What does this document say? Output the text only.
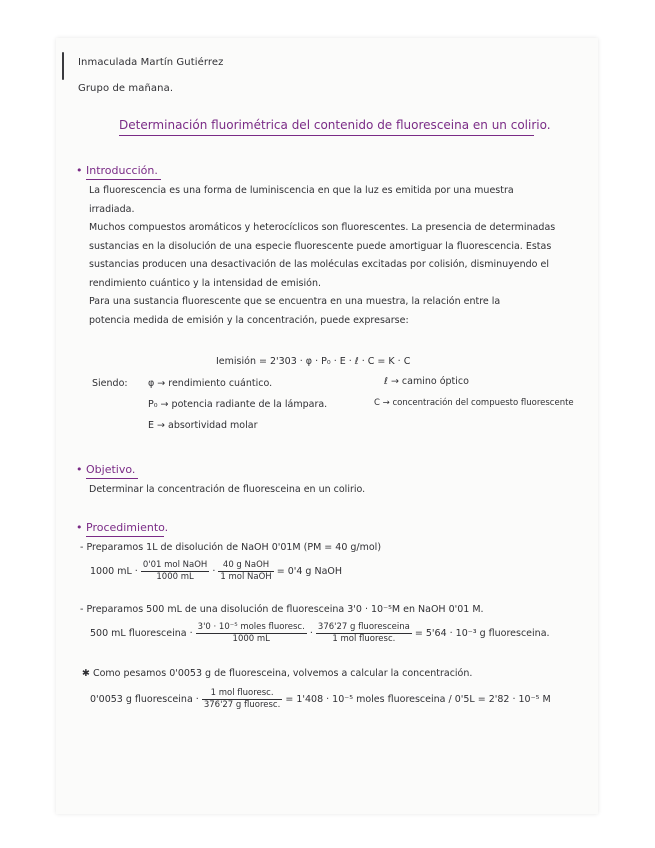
Inmaculada Martín Gutiérrez
Grupo de mañana.
Determinación fluorimétrica del contenido de fluoresceina en un colirio.
• Introducción.
La fluorescencia es una forma de luminiscencia en que la luz es emitida por una muestra
irradiada.
Muchos compuestos aromáticos y heterocíclicos son fluorescentes. La presencia de determinadas
sustancias en la disolución de una especie fluorescente puede amortiguar la fluorescencia. Estas
sustancias producen una desactivación de las moléculas excitadas por colisión, disminuyendo el
rendimiento cuántico y la intensidad de emisión.
Para una sustancia fluorescente que se encuentra en una muestra, la relación entre la
potencia medida de emisión y la concentración, puede expresarse:
Iemisión = 2'303 · φ · P₀ · E · ℓ · C = K · C
Siendo: φ → rendimiento cuántico.	ℓ → camino óptico
P₀ → potencia radiante de la lámpara.	C → concentración del compuesto fluorescente
E → absortividad molar
• Objetivo.
Determinar la concentración de fluoresceina en un colirio.
• Procedimiento.
- Preparamos 1L de disolución de NaOH 0'01M (PM = 40 g/mol)
1000 mL · $\frac{\text{0'01 mol NaOH}}{1000 mL} \cdot \frac{\text{40 g NaOH}}{\text{1 mol NaOH}} = 0'4$ g NaOH
- Preparamos 500 mL de una disolución de fluoresceina 3'0 · 10⁻⁵M en NaOH 0'01 M.
500 mL fluoresceina · $\frac{\text{3'0 · 10⁻⁵ moles fluoresc.}}{1000 mL} \cdot \frac{\text{376'27 g fluoresceina}}{\text{1 mol fluoresc.}} = 5'64 \cdot 10^{-3}$ g fluoresceina.
✱ Como pesamos 0'0053 g de fluoresceina, volvemos a calcular la concentración.
0'0053 g fluoresceina · $\frac{\text{1 mol fluoresc.}}{\text{376'27 g fluoresc.}} = 1'408 \cdot 10^{-5}$ moles fluoresceina / 0'5L = 2'82 · 10⁻⁵ M
